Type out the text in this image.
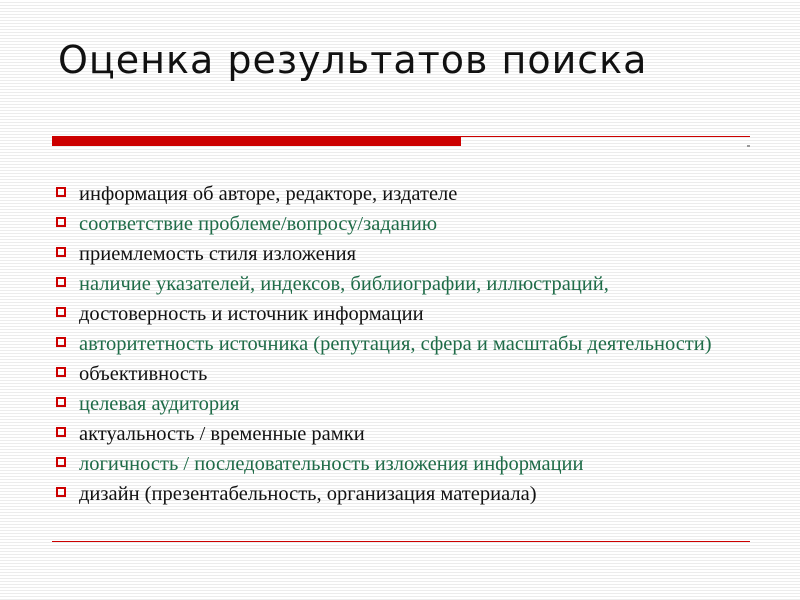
Оценка результатов поиска
информация об авторе, редакторе, издателе
соответствие проблеме/вопросу/заданию
приемлемость стиля изложения
наличие указателей, индексов, библиографии, иллюстраций,
достоверность и источник информации
авторитетность источника (репутация, сфера и масштабы деятельности)
объективность
целевая аудитория
актуальность / временные рамки
логичность / последовательность изложения информации
дизайн (презентабельность, организация материала)
